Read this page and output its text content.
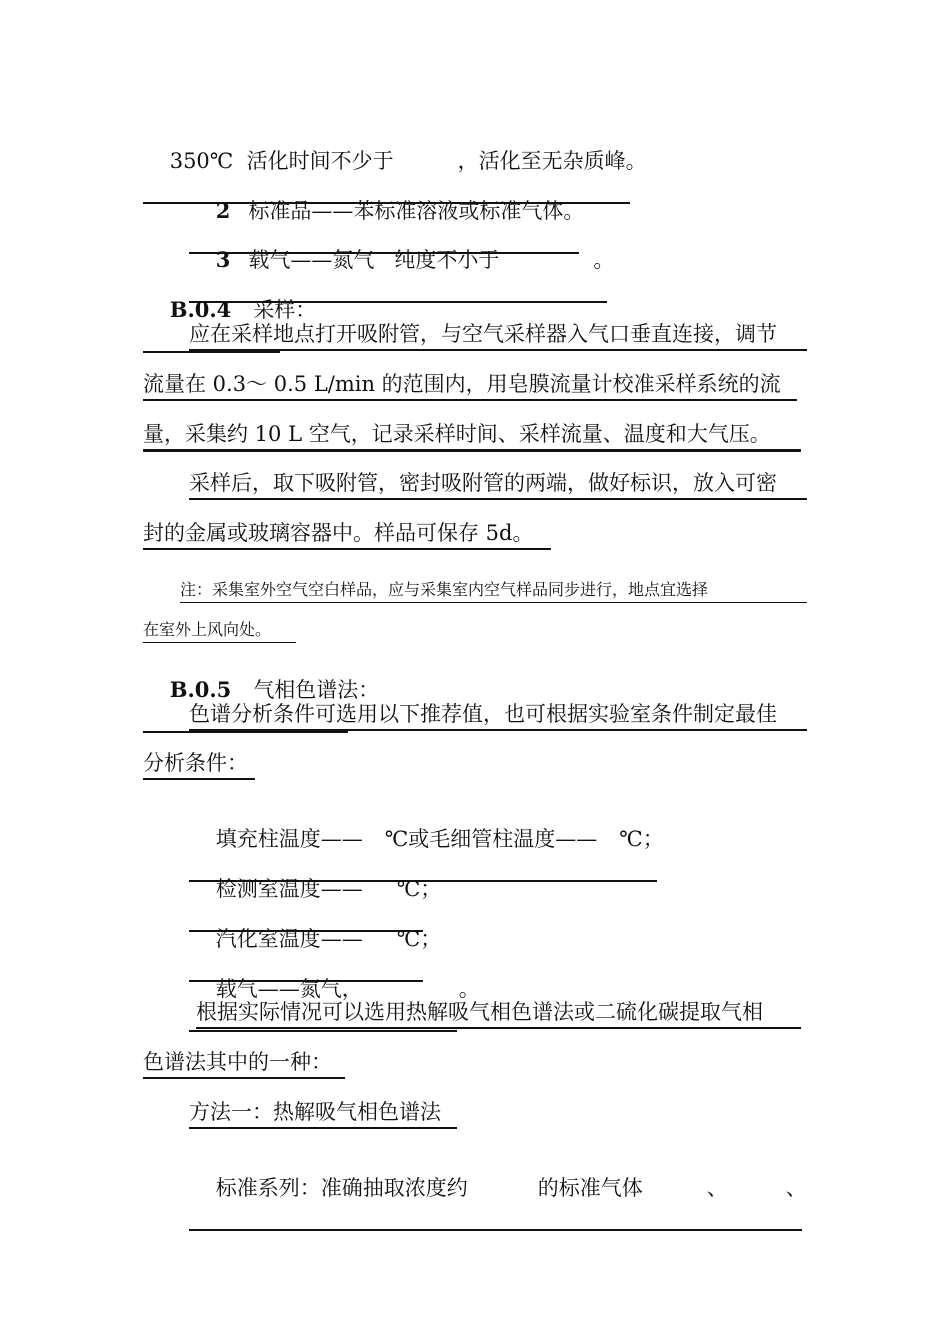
350℃  活化时间不少于	，活化至无杂质峰。

2 标准品——苯标准溶液或标准气体。

3 载气——氮气   纯度不小于	。

B.0.4 采样：

应在采样地点打开吸附管，与空气采样器入气口垂直连接，调节
流量在 0.3～ 0.5 L/min 的范围内，用皂膜流量计校准采样系统的流
量，采集约 10 L 空气，记录采样时间、采样流量、温度和大气压。
采样后，取下吸附管，密封吸附管的两端，做好标识，放入可密
封的金属或玻璃容器中。样品可保存 5d。
注：采集室外空气空白样品，应与采集室内空气样品同步进行，地点宜选择
在室外上风向处。

B.0.5 气相色谱法：

色谱分析条件可选用以下推荐值，也可根据实验室条件制定最佳
分析条件：

填充柱温度—— ℃或毛细管柱温度—— ℃；

检测室温度—— ℃；

汽化室温度—— ℃；

载气——氮气，	。

根据实际情况可以选用热解吸气相色谱法或二硫化碳提取气相
色谱法其中的一种：
方法一：热解吸气相色谱法

标准系列：准确抽取浓度约	的标准气体	、	、
